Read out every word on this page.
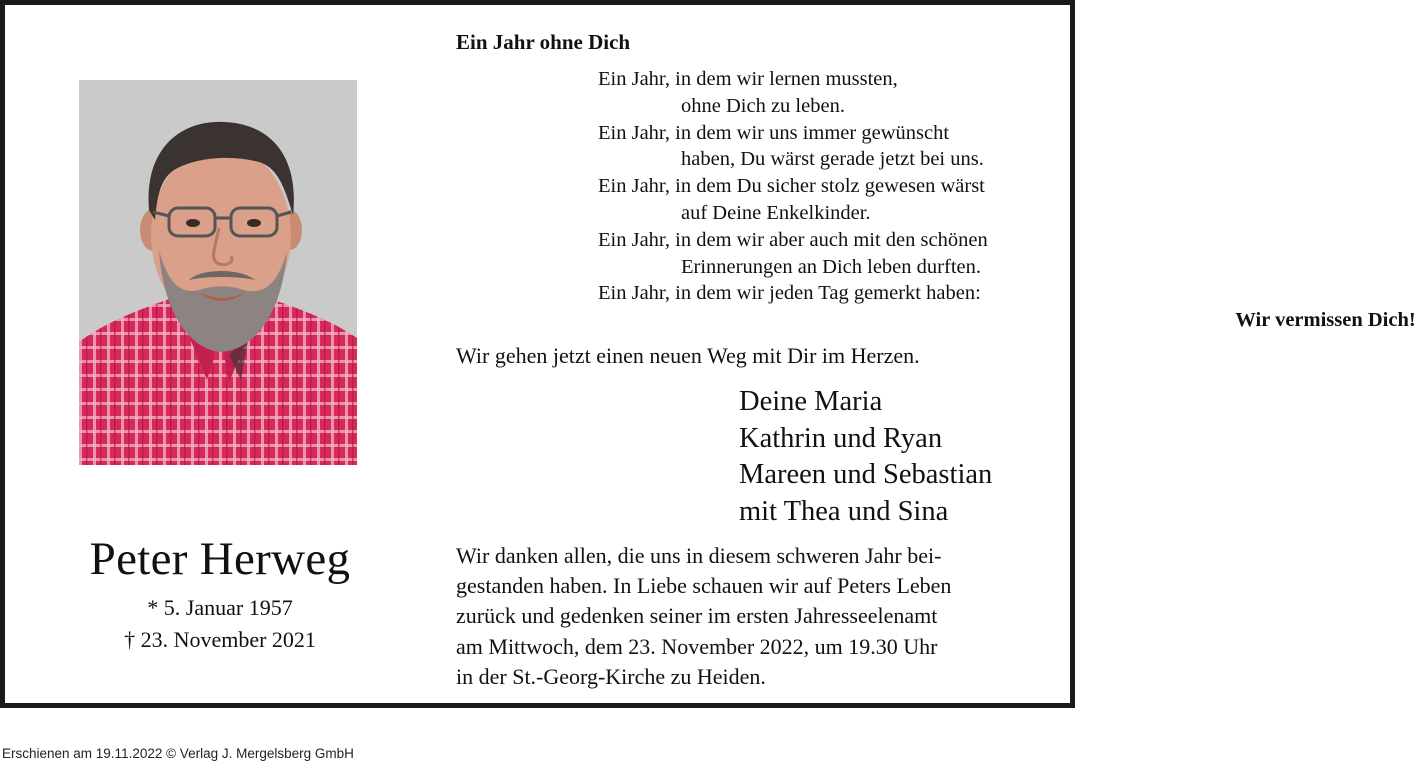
Peter Herweg
* 5. Januar 1957
† 23. November 2021
Ein Jahr ohne Dich
Ein Jahr, in dem wir lernen mussten,
ohne Dich zu leben.
Ein Jahr, in dem wir uns immer gewünscht
haben, Du wärst gerade jetzt bei uns.
Ein Jahr, in dem Du sicher stolz gewesen wärst
auf Deine Enkelkinder.
Ein Jahr, in dem wir aber auch mit den schönen
Erinnerungen an Dich leben durften.
Ein Jahr, in dem wir jeden Tag gemerkt haben:
Wir vermissen Dich!
Wir gehen jetzt einen neuen Weg mit Dir im Herzen.
Deine Maria
Kathrin und Ryan
Mareen und Sebastian
mit Thea und Sina
Wir danken allen, die uns in diesem schweren Jahr bei-
gestanden haben. In Liebe schauen wir auf Peters Leben
zurück und gedenken seiner im ersten Jahresseelenamt
am Mittwoch, dem 23. November 2022, um 19.30 Uhr
in der St.-Georg-Kirche zu Heiden.
Erschienen am 19.11.2022 © Verlag J. Mergelsberg GmbH
